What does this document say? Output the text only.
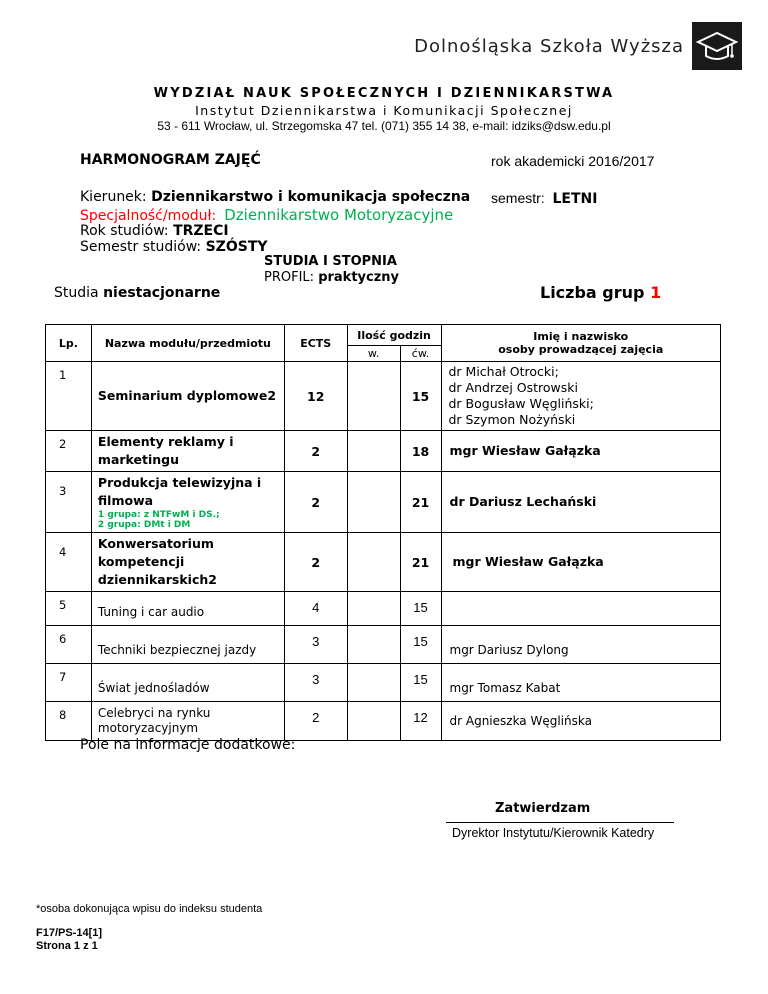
Dolnośląska Szkoła Wyższa
WYDZIAŁ NAUK SPOŁECZNYCH I DZIENNIKARSTWA
Instytut Dziennikarstwa i Komunikacji Społecznej
53 - 611 Wrocław, ul. Strzegomska 47 tel. (071) 355 14 38, e-mail: idziks@dsw.edu.pl
HARMONOGRAM ZAJĘĆ	rok akademicki 2016/2017
semestr: LETNI
Kierunek: Dziennikarstwo i komunikacja społeczna
Specjalność/moduł: Dziennikarstwo Motoryzacyjne
Rok studiów: TRZECI
Semestr studiów: SZÓSTY
STUDIA I STOPNIA
PROFIL: praktyczny
Studia niestacjonarne	Liczba grup 1
Lp.	Nazwa modułu/przedmiotu	ECTS	Ilość godzin		Imię i nazwisko
osoby prowadzącej zajęcia
			w.	ćw.	
1	Seminarium dyplomowe2	12		15	dr Michał Otrocki;
dr Andrzej Ostrowski
dr Bogusław Węgliński;
dr Szymon Nożyński

2	Elementy reklamy i marketingu	2		18	mgr Wiesław Gałązka
3	Produkcja telewizyjna i filmowa
1 grupa: z NTFwM i DS.;
2 grupa: DMt i DM	2		21	dr Dariusz Lechański
4	Konwersatorium kompetencji dziennikarskich2	2		21	mgr Wiesław Gałązka
5	Tuning i car audio	4		15	
6	Techniki bezpiecznej jazdy	3		15	mgr Dariusz Dylong
7	Świat jednośladów	3		15	mgr Tomasz Kabat
8	Celebryci na rynku motoryzacyjnym	2		12	dr Agnieszka Węglińska
Pole na informacje dodatkowe:
Zatwierdzam
Dyrektor Instytutu/Kierownik Katedry
*osoba dokonująca wpisu do indeksu studenta
F17/PS-14[1]
Strona 1 z 1
